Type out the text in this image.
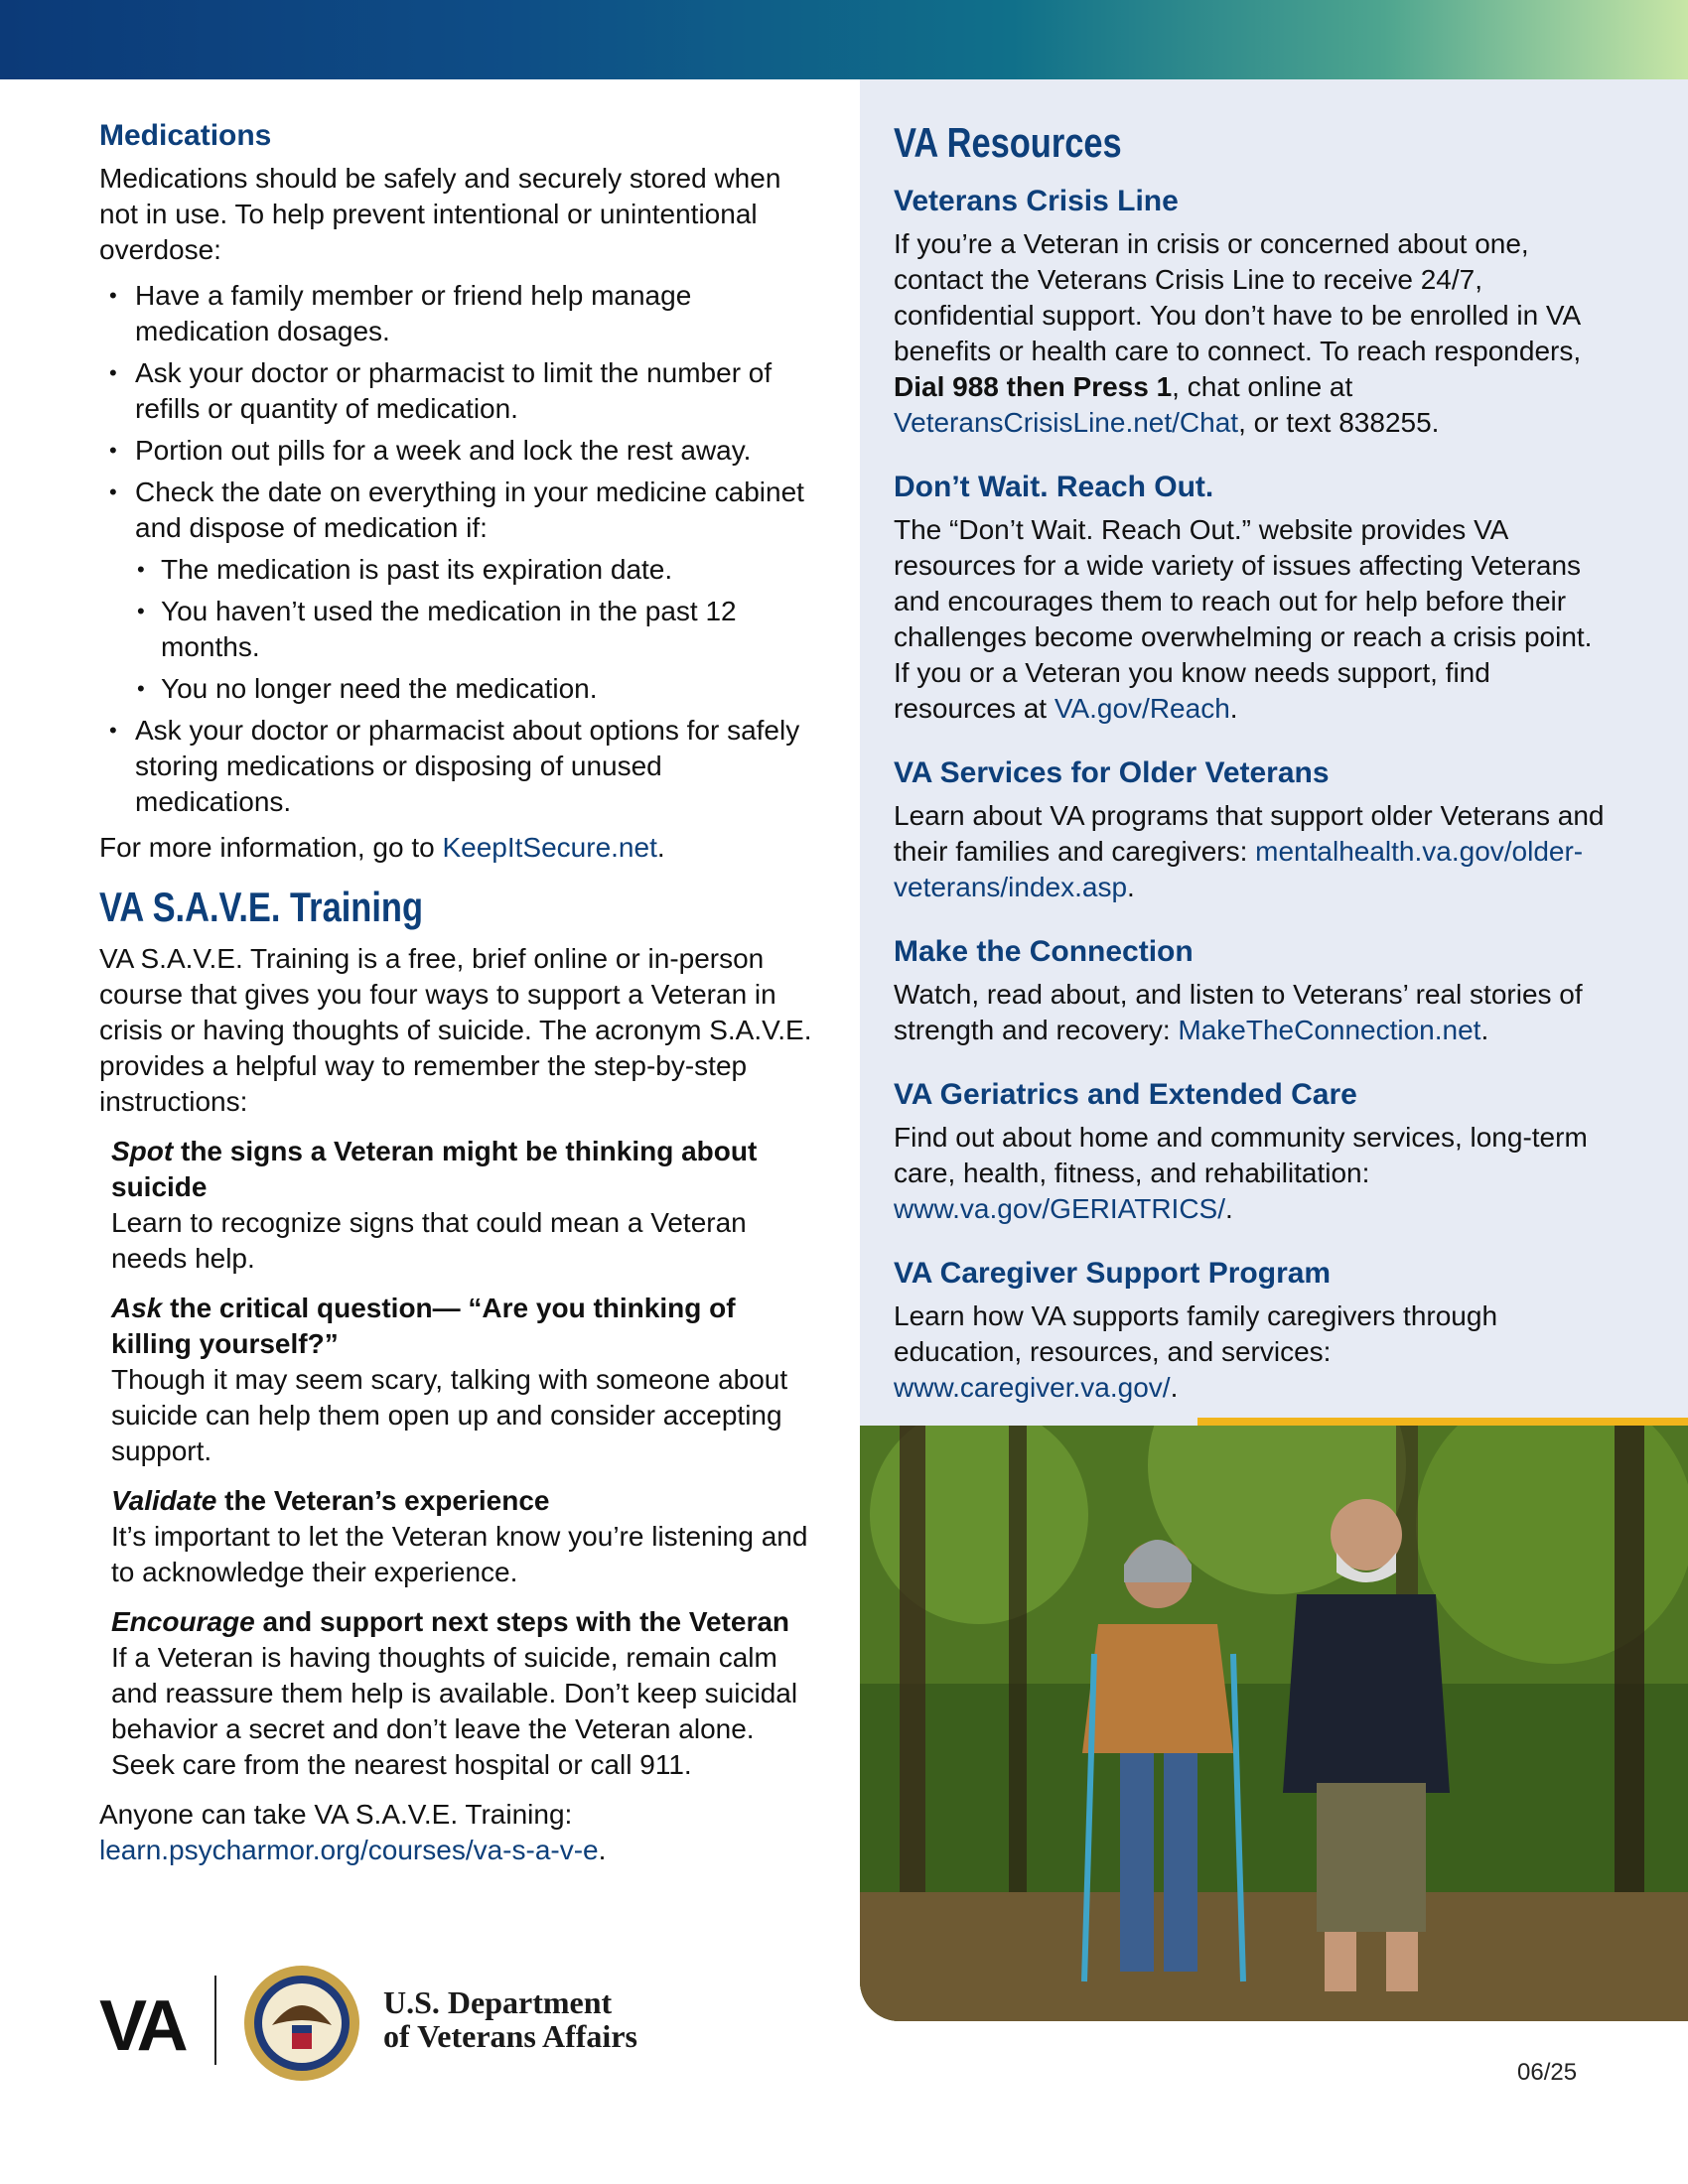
Medications

Medications should be safely and securely stored when not in use. To help prevent intentional or unintentional overdose:

• Have a family member or friend help manage medication dosages.
• Ask your doctor or pharmacist to limit the number of refills or quantity of medication.
• Portion out pills for a week and lock the rest away.
• Check the date on everything in your medicine cabinet and dispose of medication if:
• The medication is past its expiration date.
• You haven’t used the medication in the past 12 months.
• You no longer need the medication.
• Ask your doctor or pharmacist about options for safely storing medications or disposing of unused medications.

For more information, go to KeepItSecure.net.

VA S.A.V.E. Training

VA S.A.V.E. Training is a free, brief online or in-person course that gives you four ways to support a Veteran in crisis or having thoughts of suicide. The acronym S.A.V.E. provides a helpful way to remember the step-by-step instructions:

Spot the signs a Veteran might be thinking about suicide

Learn to recognize signs that could mean a Veteran needs help.

Ask the critical question— “Are you thinking of killing yourself?”

Though it may seem scary, talking with someone about suicide can help them open up and consider accepting support.

Validate the Veteran’s experience

It’s important to let the Veteran know you’re listening and to acknowledge their experience.

Encourage and support next steps with the Veteran

If a Veteran is having thoughts of suicide, remain calm and reassure them help is available. Don’t keep suicidal behavior a secret and don’t leave the Veteran alone. Seek care from the nearest hospital or call 911.

Anyone can take VA S.A.V.E. Training: learn.psycharmor.org/courses/va-s-a-v-e.

VA Resources
Veterans Crisis Line

If you’re a Veteran in crisis or concerned about one, contact the Veterans Crisis Line to receive 24/7, confidential support. You don’t have to be enrolled in VA benefits or health care to connect. To reach responders, Dial 988 then Press 1, chat online at VeteransCrisisLine.net/Chat, or text 838255.

Don’t Wait. Reach Out.

The “Don’t Wait. Reach Out.” website provides VA resources for a wide variety of issues affecting Veterans and encourages them to reach out for help before their challenges become overwhelming or reach a crisis point. If you or a Veteran you know needs support, find resources at VA.gov/Reach.

VA Services for Older Veterans

Learn about VA programs that support older Veterans and their families and caregivers: mentalhealth.va.gov/older-veterans/index.asp.

Make the Connection

Watch, read about, and listen to Veterans’ real stories of strength and recovery: MakeTheConnection.net.

VA Geriatrics and Extended Care

Find out about home and community services, long-term care, health, fitness, and rehabilitation: www.va.gov/GERIATRICS/.

VA Caregiver Support Program

Learn how VA supports family caregivers through education, resources, and services: www.caregiver.va.gov/.

VA	U.S. Department
of Veterans Affairs
06/25
